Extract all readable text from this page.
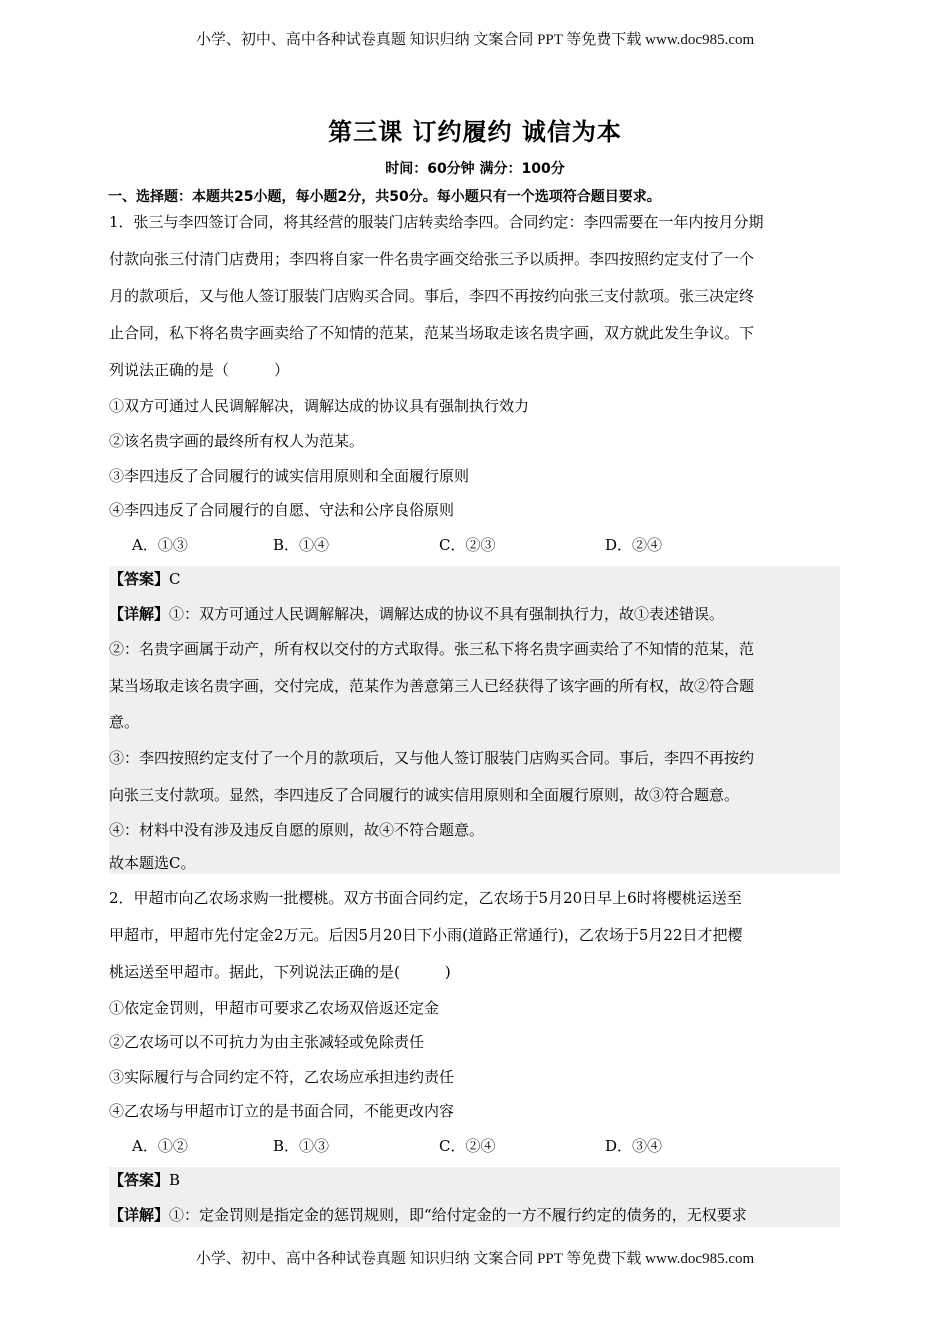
小学、初中、高中各种试卷真题 知识归纳 文案合同 PPT 等免费下载 www.doc985.com
第三课 订约履约 诚信为本
时间：60分钟 满分：100分
一、选择题：本题共25小题，每小题2分，共50分。每小题只有一个选项符合题目要求。
1．张三与李四签订合同，将其经营的服装门店转卖给李四。合同约定：李四需要在一年内按月分期
付款向张三付清门店费用；李四将自家一件名贵字画交给张三予以质押。李四按照约定支付了一个
月的款项后，又与他人签订服装门店购买合同。事后，李四不再按约向张三支付款项。张三决定终
止合同，私下将名贵字画卖给了不知情的范某，范某当场取走该名贵字画，双方就此发生争议。下
列说法正确的是（　　　）
①双方可通过人民调解解决，调解达成的协议具有强制执行效力
②该名贵字画的最终所有权人为范某。
③李四违反了合同履行的诚实信用原则和全面履行原则
④李四违反了合同履行的自愿、守法和公序良俗原则
A．①③	B．①④	C．②③	D．②④
【答案】C
【详解】①：双方可通过人民调解解决，调解达成的协议不具有强制执行力，故①表述错误。
②：名贵字画属于动产，所有权以交付的方式取得。张三私下将名贵字画卖给了不知情的范某，范
某当场取走该名贵字画，交付完成，范某作为善意第三人已经获得了该字画的所有权，故②符合题
意。
③：李四按照约定支付了一个月的款项后，又与他人签订服装门店购买合同。事后，李四不再按约
向张三支付款项。显然，李四违反了合同履行的诚实信用原则和全面履行原则，故③符合题意。
④：材料中没有涉及违反自愿的原则，故④不符合题意。
故本题选C。
2．甲超市向乙农场求购一批樱桃。双方书面合同约定，乙农场于5月20日早上6时将樱桃运送至
甲超市，甲超市先付定金2万元。后因5月20日下小雨(道路正常通行)，乙农场于5月22日才把樱
桃运送至甲超市。据此，下列说法正确的是(　　　)
①依定金罚则，甲超市可要求乙农场双倍返还定金
②乙农场可以不可抗力为由主张减轻或免除责任
③实际履行与合同约定不符，乙农场应承担违约责任
④乙农场与甲超市订立的是书面合同，不能更改内容
A．①②	B．①③	C．②④	D．③④
【答案】B
【详解】①：定金罚则是指定金的惩罚规则，即“给付定金的一方不履行约定的债务的，无权要求
小学、初中、高中各种试卷真题 知识归纳 文案合同 PPT 等免费下载 www.doc985.com
